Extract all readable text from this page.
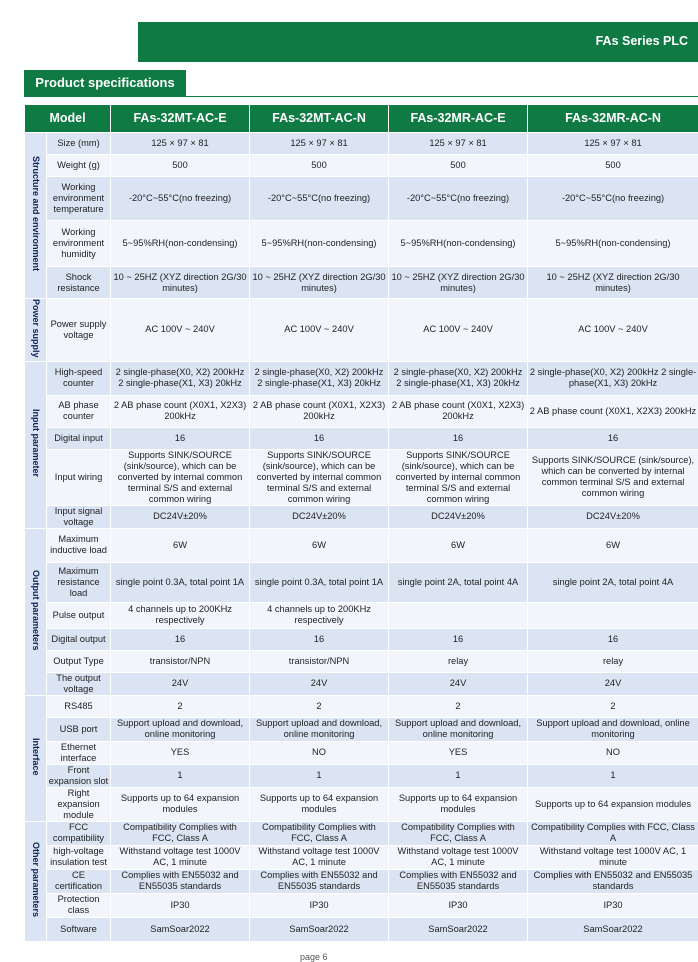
FAs Series PLC
Product specifications
Model		FAs-32MT-AC-E	FAs-32MT-AC-N	FAs-32MR-AC-E	FAs-32MR-AC-N
Structure and environment	Size (mm)	125 × 97 × 81	125 × 97 × 81	125 × 97 × 81	125 × 97 × 81
	Weight (g)	500	500	500	500
	Working environment temperature	-20°C~55°C(no freezing)	-20°C~55°C(no freezing)	-20°C~55°C(no freezing)	-20°C~55°C(no freezing)
	Working environment humidity	5~95%RH(non-condensing)	5~95%RH(non-condensing)	5~95%RH(non-condensing)	5~95%RH(non-condensing)
	Shock resistance	10 ~ 25HZ (XYZ direction 2G/30 minutes)	10 ~ 25HZ (XYZ direction 2G/30 minutes)	10 ~ 25HZ (XYZ direction 2G/30 minutes)	10 ~ 25HZ (XYZ direction 2G/30 minutes)
Power supply	Power supply voltage	AC 100V ~ 240V	AC 100V ~ 240V	AC 100V ~ 240V	AC 100V ~ 240V
Input parameter	High-speed counter	2 single-phase(X0, X2) 200kHz 2 single-phase(X1, X3) 20kHz	2 single-phase(X0, X2) 200kHz 2 single-phase(X1, X3) 20kHz	2 single-phase(X0, X2) 200kHz 2 single-phase(X1, X3) 20kHz	2 single-phase(X0, X2) 200kHz 2 single-phase(X1, X3) 20kHz
	AB phase counter	2 AB phase count (X0X1, X2X3) 200kHz	2 AB phase count (X0X1, X2X3) 200kHz	2 AB phase count (X0X1, X2X3) 200kHz	2 AB phase count (X0X1, X2X3) 200kHz
	Digital input	16	16	16	16
	Input wiring	Supports SINK/SOURCE (sink/source), which can be converted by internal common terminal S/S and external common wiring	Supports SINK/SOURCE (sink/source), which can be converted by internal common terminal S/S and external common wiring	Supports SINK/SOURCE (sink/source), which can be converted by internal common terminal S/S and external common wiring	Supports SINK/SOURCE (sink/source), which can be converted by internal common terminal S/S and external common wiring
	Input signal voltage	DC24V±20%	DC24V±20%	DC24V±20%	DC24V±20%
Output parameters	Maximum inductive load	6W	6W	6W	6W
	Maximum resistance load	single point 0.3A, total point 1A	single point 0.3A, total point 1A	single point 2A, total point 4A	single point 2A, total point 4A
	Pulse output	4 channels up to 200KHz respectively	4 channels up to 200KHz respectively		
	Digital output	16	16	16	16
	Output Type	transistor/NPN	transistor/NPN	relay	relay
	The output voltage	24V	24V	24V	24V
Interface	RS485	2	2	2	2
	USB port	Support upload and download, online monitoring	Support upload and download, online monitoring	Support upload and download, online monitoring	Support upload and download, online monitoring
	Ethernet interface	YES	NO	YES	NO
	Front expansion slot	1	1	1	1
	Right expansion module	Supports up to 64 expansion modules	Supports up to 64 expansion modules	Supports up to 64 expansion modules	Supports up to 64 expansion modules
Other parameters	FCC compatibility	Compatibility Complies with FCC, Class A	Compatibility Complies with FCC, Class A	Compatibility Complies with FCC, Class A	Compatibility Complies with FCC, Class A
	high-voltage insulation test	Withstand voltage test 1000V AC, 1 minute	Withstand voltage test 1000V AC, 1 minute	Withstand voltage test 1000V AC, 1 minute	Withstand voltage test 1000V AC, 1 minute
	CE certification	Complies with EN55032 and EN55035 standards	Complies with EN55032 and EN55035 standards	Complies with EN55032 and EN55035 standards	Complies with EN55032 and EN55035 standards
	Protection class	IP30	IP30	IP30	IP30
	Software	SamSoar2022	SamSoar2022	SamSoar2022	SamSoar2022
page 6
